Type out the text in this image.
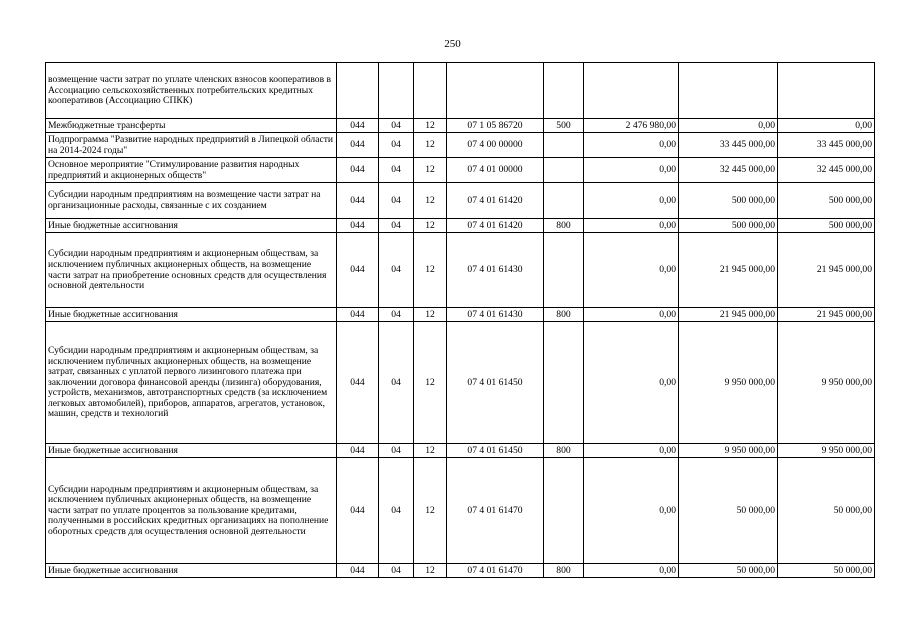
250
возмещение части затрат по уплате членских взносов кооперативов в Ассоциацию сельскохозяйственных потребительских кредитных кооперативов (Ассоциацию СПКК)								
Межбюджетные трансферты	044	04	12	07 1 05 86720	500	2 476 980,00	0,00	0,00
Подпрограмма "Развитие народных предприятий в Липецкой области на 2014-2024 годы"	044	04	12	07 4 00 00000		0,00	33 445 000,00	33 445 000,00
Основное мероприятие "Стимулирование развития народных предприятий и акционерных обществ"	044	04	12	07 4 01 00000		0,00	32 445 000,00	32 445 000,00
Субсидии народным предприятиям на возмещение части затрат на организационные расходы, связанные с их созданием	044	04	12	07 4 01 61420		0,00	500 000,00	500 000,00
Иные бюджетные ассигнования	044	04	12	07 4 01 61420	800	0,00	500 000,00	500 000,00
Субсидии народным предприятиям и акционерным обществам, за исключением публичных акционерных обществ, на возмещение части затрат на приобретение основных средств для осуществления основной деятельности	044	04	12	07 4 01 61430		0,00	21 945 000,00	21 945 000,00
Иные бюджетные ассигнования	044	04	12	07 4 01 61430	800	0,00	21 945 000,00	21 945 000,00
Субсидии народным предприятиям и акционерным обществам, за исключением публичных акционерных обществ, на возмещение затрат, связанных с уплатой первого лизингового платежа при заключении договора финансовой аренды (лизинга) оборудования, устройств, механизмов, автотранспортных средств (за исключением легковых автомобилей), приборов, аппаратов, агрегатов, установок, машин, средств и технологий	044	04	12	07 4 01 61450		0,00	9 950 000,00	9 950 000,00
Иные бюджетные ассигнования	044	04	12	07 4 01 61450	800	0,00	9 950 000,00	9 950 000,00
Субсидии народным предприятиям и акционерным обществам, за исключением публичных акционерных обществ, на возмещение части затрат по уплате процентов за пользование кредитами, полученными в российских кредитных организациях на пополнение оборотных средств для осуществления основной деятельности	044	04	12	07 4 01 61470		0,00	50 000,00	50 000,00
Иные бюджетные ассигнования	044	04	12	07 4 01 61470	800	0,00	50 000,00	50 000,00
